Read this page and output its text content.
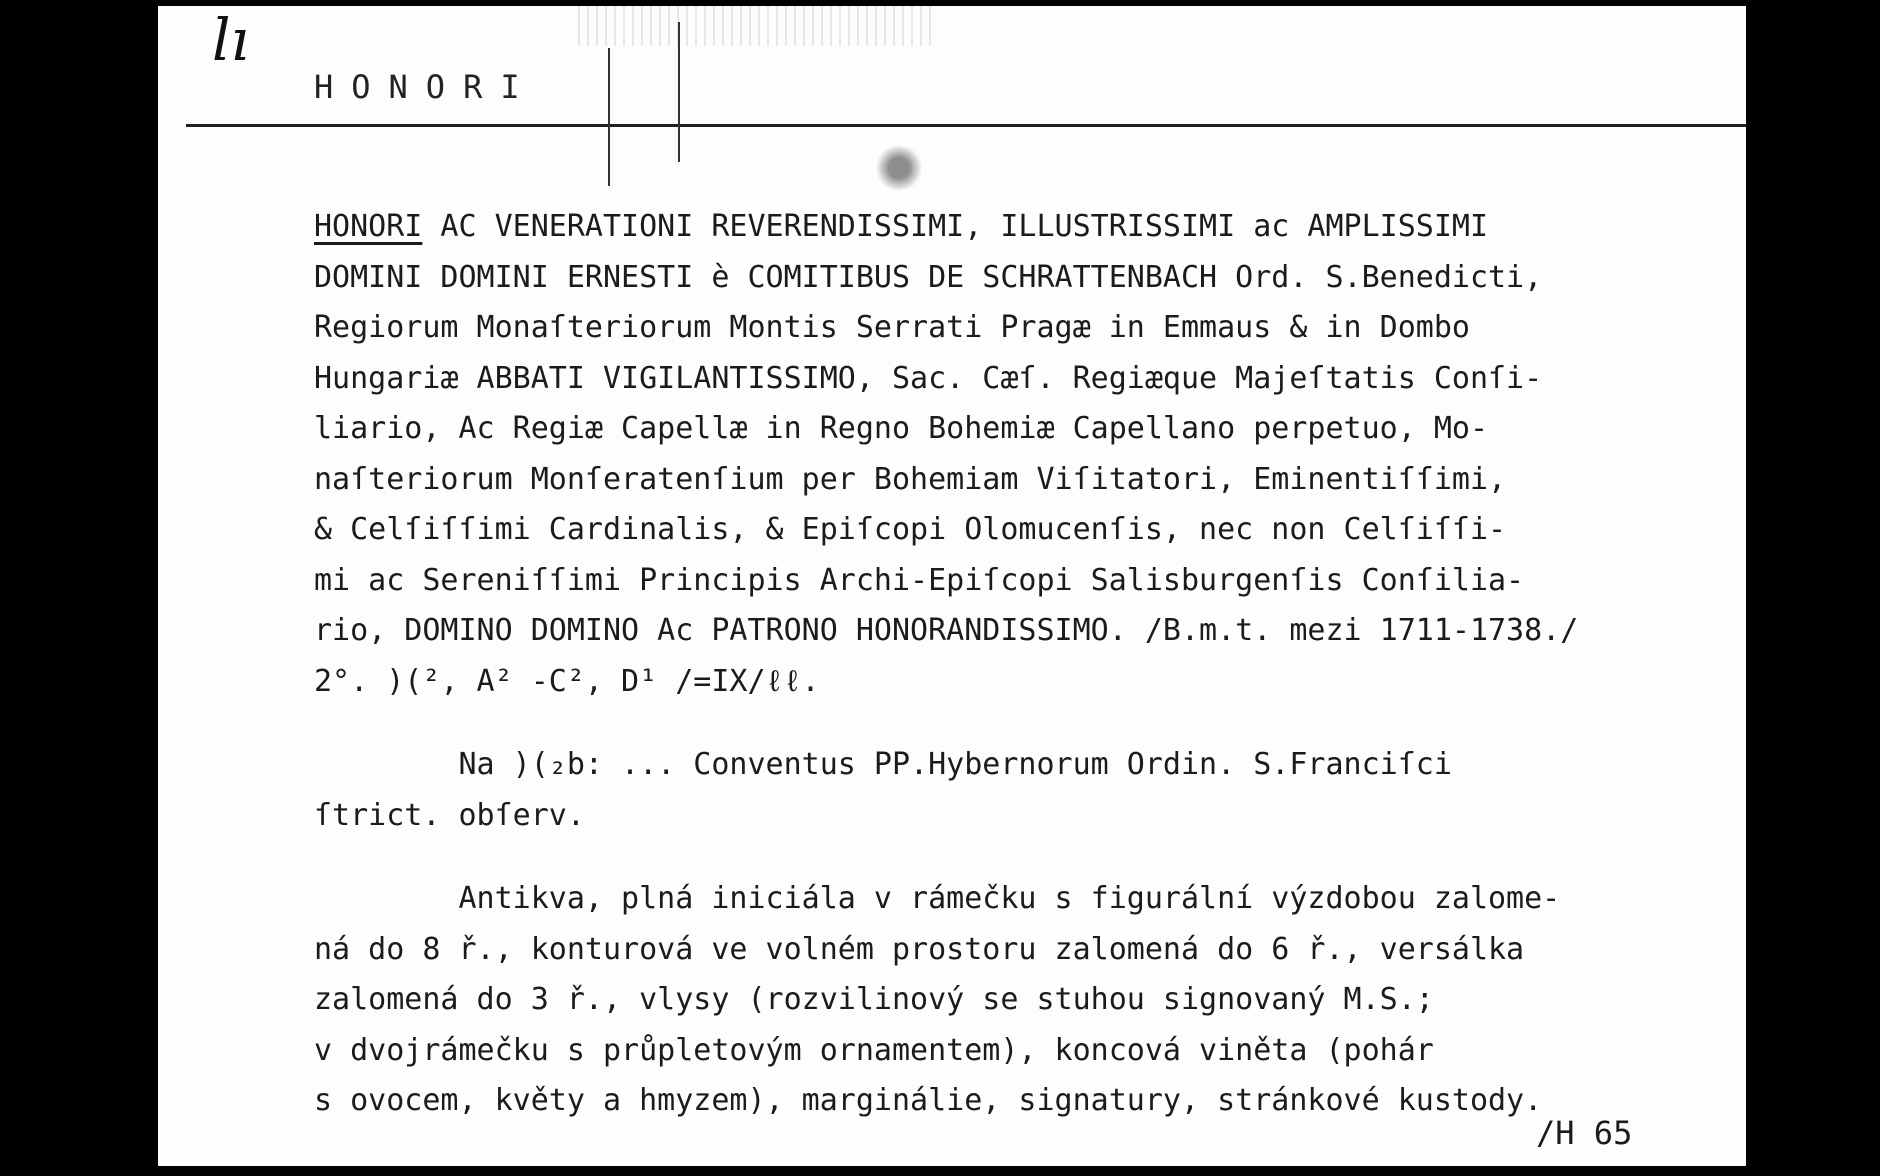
lı
HONORI

HONORI AC VENERATIONI REVERENDISSIMI, ILLUSTRISSIMI ac AMPLISSIMI
DOMINI DOMINI ERNESTI è COMITIBUS DE SCHRATTENBACH Ord. S.Benedicti,
Regiorum Monaſteriorum Montis Serrati Pragæ in Emmaus & in Dombo
Hungariæ ABBATI VIGILANTISSIMO, Sac. Cæſ. Regiæque Majeſtatis Conſi-
liario, Ac Regiæ Capellæ in Regno Bohemiæ Capellano perpetuo, Mo-
naſteriorum Monſeratenſium per Bohemiam Viſitatori, Eminentiſſimi,
& Celſiſſimi Cardinalis, & Epiſcopi Olomucenſis, nec non Celſiſſi-
mi ac Sereniſſimi Principis Archi-Epiſcopi Salisburgenſis Conſilia-
rio, DOMINO DOMINO Ac PATRONO HONORANDISSIMO. /B.m.t. mezi 1711-1738./
2°. )(², A² -C², D¹ /=IX/ℓℓ.

Na )(₂b: ... Conventus PP.Hybernorum Ordin. S.Franciſci
ſtrict. obſerv.

Antikva, plná iniciála v rámečku s figurální výzdobou zalome-
ná do 8 ř., konturová ve volném prostoru zalomená do 6 ř., versálka
zalomená do 3 ř., vlysy (rozvilinový se stuhou signovaný M.S.;
v dvojrámečku s průpletovým ornamentem), koncová viněta (pohár
s ovocem, květy a hmyzem), marginálie, signatury, stránkové kustody.

/H 65
